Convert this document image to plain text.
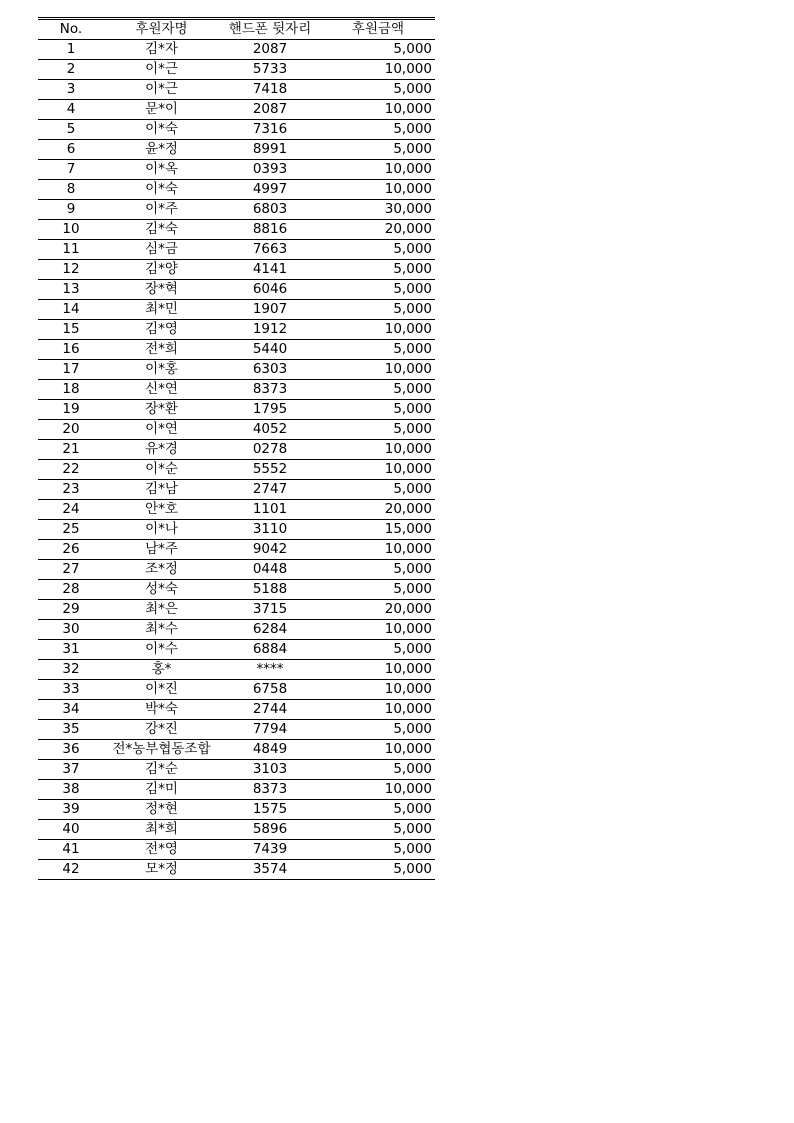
No.	후원자명	핸드폰 뒷자리	후원금액
1	김*자	2087	5,000
2	이*근	5733	10,000
3	이*근	7418	5,000
4	문*이	2087	10,000
5	이*숙	7316	5,000
6	윤*정	8991	5,000
7	이*옥	0393	10,000
8	이*숙	4997	10,000
9	이*주	6803	30,000
10	김*숙	8816	20,000
11	심*금	7663	5,000
12	김*양	4141	5,000
13	장*혁	6046	5,000
14	최*민	1907	5,000
15	김*영	1912	10,000
16	전*희	5440	5,000
17	이*홍	6303	10,000
18	신*연	8373	5,000
19	장*환	1795	5,000
20	이*연	4052	5,000
21	유*경	0278	10,000
22	이*순	5552	10,000
23	김*남	2747	5,000
24	안*호	1101	20,000
25	이*나	3110	15,000
26	남*주	9042	10,000
27	조*정	0448	5,000
28	성*숙	5188	5,000
29	최*은	3715	20,000
30	최*수	6284	10,000
31	이*수	6884	5,000
32	홍*	****	10,000
33	이*진	6758	10,000
34	박*숙	2744	10,000
35	강*진	7794	5,000
36	전*농부협동조합	4849	10,000
37	김*순	3103	5,000
38	김*미	8373	10,000
39	정*현	1575	5,000
40	최*희	5896	5,000
41	전*영	7439	5,000
42	모*정	3574	5,000
